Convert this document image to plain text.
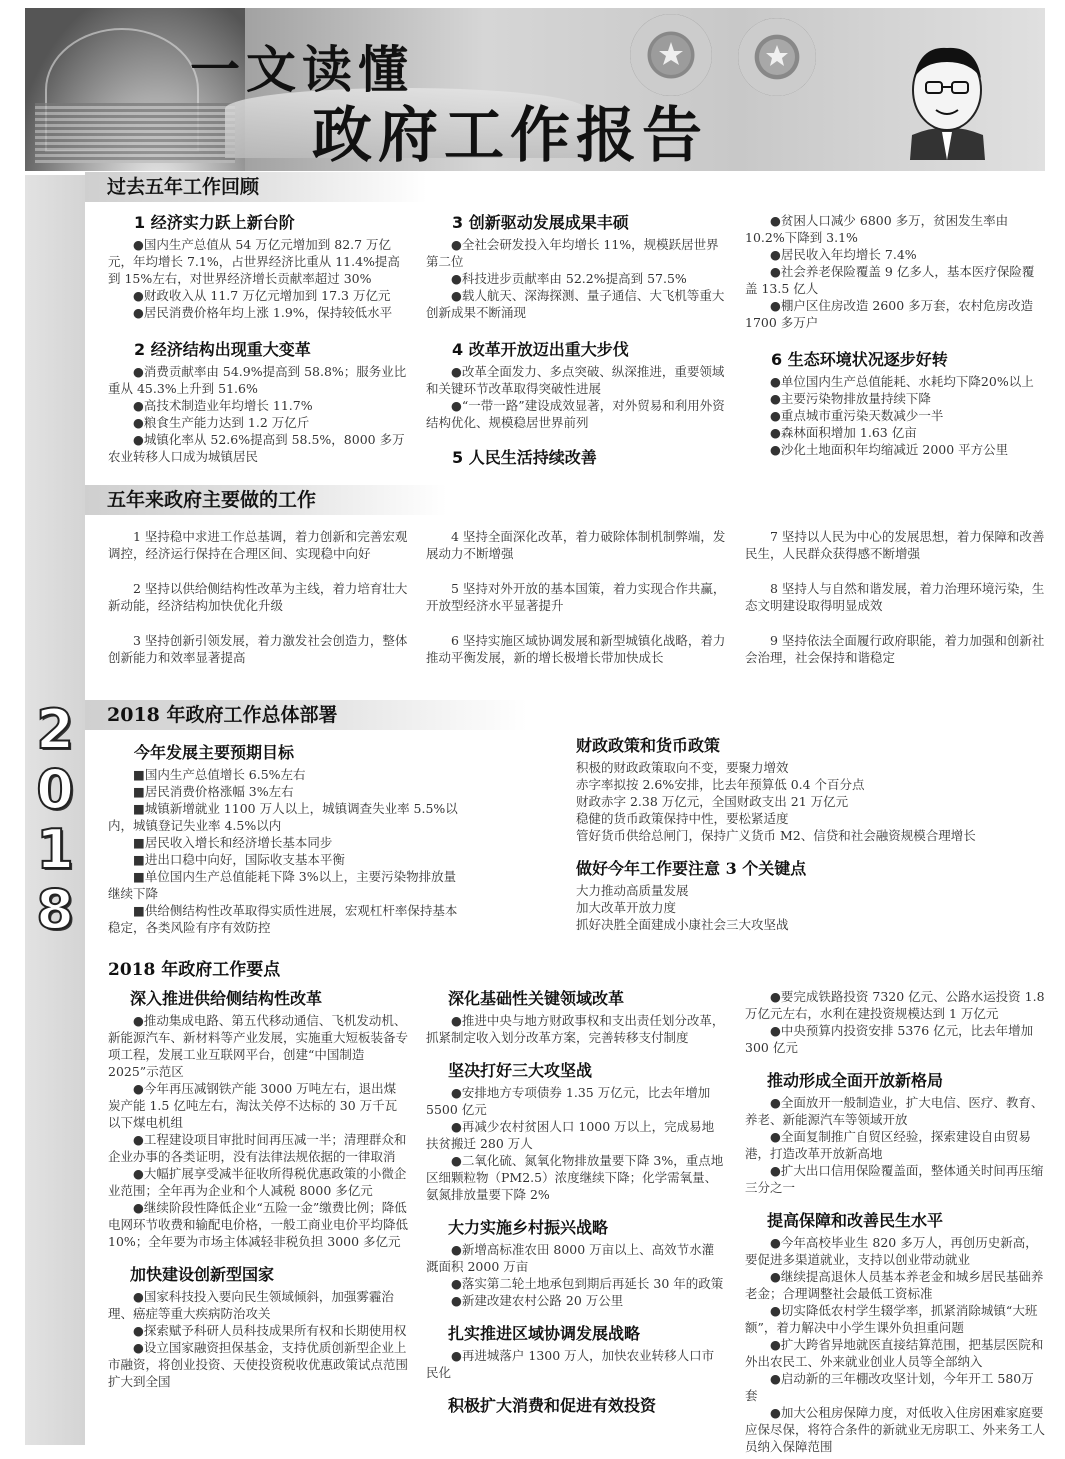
一文读懂
政府工作报告
2
0
1
8
过去五年工作回顾
1 经济实力跃上新台阶

● 国内生产总值从 54 万亿元增加到 82.7 万亿元，年均增长 7.1%，占世界经济比重从 11.4%提高到 15%左右，对世界经济增长贡献率超过 30%

● 财政收入从 11.7 万亿元增加到 17.3 万亿元

● 居民消费价格年均上涨 1.9%，保持较低水平

2 经济结构出现重大变革

● 消费贡献率由 54.9%提高到 58.8%；服务业比重从 45.3%上升到 51.6%

● 高技术制造业年均增长 11.7%

● 粮食生产能力达到 1.2 万亿斤

● 城镇化率从 52.6%提高到 58.5%，8000 多万农业转移人口成为城镇居民

3 创新驱动发展成果丰硕

● 全社会研发投入年均增长 11%，规模跃居世界第二位

● 科技进步贡献率由 52.2%提高到 57.5%

● 载人航天、深海探测、量子通信、大飞机等重大创新成果不断涌现

4 改革开放迈出重大步伐

● 改革全面发力、多点突破、纵深推进，重要领域和关键环节改革取得突破性进展

● “一带一路”建设成效显著，对外贸易和利用外资结构优化、规模稳居世界前列

5 人民生活持续改善

● 贫困人口减少 6800 多万，贫困发生率由 10.2%下降到 3.1%

● 居民收入年均增长 7.4%

● 社会养老保险覆盖 9 亿多人，基本医疗保险覆盖 13.5 亿人

● 棚户区住房改造 2600 多万套，农村危房改造 1700 多万户

6 生态环境状况逐步好转

● 单位国内生产总值能耗、水耗均下降20%以上

● 主要污染物排放量持续下降

● 重点城市重污染天数减少一半

● 森林面积增加 1.63 亿亩

● 沙化土地面积年均缩减近 2000 平方公里

五年来政府主要做的工作

1 坚持稳中求进工作总基调，着力创新和完善宏观调控，经济运行保持在合理区间、实现稳中向好

2 坚持以供给侧结构性改革为主线，着力培育壮大新动能，经济结构加快优化升级

3 坚持创新引领发展，着力激发社会创造力，整体创新能力和效率显著提高

4 坚持全面深化改革，着力破除体制机制弊端，发展动力不断增强

5 坚持对外开放的基本国策，着力实现合作共赢，开放型经济水平显著提升

6 坚持实施区域协调发展和新型城镇化战略，着力推动平衡发展，新的增长极增长带加快成长

7 坚持以人民为中心的发展思想，着力保障和改善民生，人民群众获得感不断增强

8 坚持人与自然和谐发展，着力治理环境污染，生态文明建设取得明显成效

9 坚持依法全面履行政府职能，着力加强和创新社会治理，社会保持和谐稳定

2018 年政府工作总体部署
今年发展主要预期目标

■ 国内生产总值增长 6.5%左右

■ 居民消费价格涨幅 3%左右

■ 城镇新增就业 1100 万人以上，城镇调查失业率 5.5%以内，城镇登记失业率 4.5%以内

■ 居民收入增长和经济增长基本同步

■ 进出口稳中向好，国际收支基本平衡

■ 单位国内生产总值能耗下降 3%以上，主要污染物排放量继续下降

■ 供给侧结构性改革取得实质性进展，宏观杠杆率保持基本稳定，各类风险有序有效防控

财政政策和货币政策
积极的财政政策取向不变，要聚力增效
赤字率拟按 2.6%安排，比去年预算低 0.4 个百分点
财政赤字 2.38 万亿元，全国财政支出 21 万亿元
稳健的货币政策保持中性，要松紧适度
管好货币供给总闸门，保持广义货币 M2、信贷和社会融资规模合理增长
做好今年工作要注意 3 个关键点
大力推动高质量发展
加大改革开放力度
抓好决胜全面建成小康社会三大攻坚战
2018 年政府工作要点
深入推进供给侧结构性改革

● 推动集成电路、第五代移动通信、飞机发动机、新能源汽车、新材料等产业发展，实施重大短板装备专项工程，发展工业互联网平台，创建“中国制造 2025”示范区

● 今年再压减钢铁产能 3000 万吨左右，退出煤炭产能 1.5 亿吨左右，淘汰关停不达标的 30 万千瓦以下煤电机组

● 工程建设项目审批时间再压减一半；清理群众和企业办事的各类证明，没有法律法规依据的一律取消

● 大幅扩展享受减半征收所得税优惠政策的小微企业范围；全年再为企业和个人减税 8000 多亿元

● 继续阶段性降低企业“五险一金”缴费比例；降低电网环节收费和输配电价格，一般工商业电价平均降低 10%；全年要为市场主体减轻非税负担 3000 多亿元

加快建设创新型国家

● 国家科技投入要向民生领域倾斜，加强雾霾治理、癌症等重大疾病防治攻关

● 探索赋予科研人员科技成果所有权和长期使用权

● 设立国家融资担保基金，支持优质创新型企业上市融资，将创业投资、天使投资税收优惠政策试点范围扩大到全国

深化基础性关键领域改革

● 推进中央与地方财政事权和支出责任划分改革，抓紧制定收入划分改革方案，完善转移支付制度

坚决打好三大攻坚战

● 安排地方专项债券 1.35 万亿元，比去年增加 5500 亿元

● 再减少农村贫困人口 1000 万以上，完成易地扶贫搬迁 280 万人

● 二氧化硫、氮氧化物排放量要下降 3%，重点地区细颗粒物（PM2.5）浓度继续下降；化学需氧量、氨氮排放量要下降 2%

大力实施乡村振兴战略

● 新增高标准农田 8000 万亩以上、高效节水灌溉面积 2000 万亩

● 落实第二轮土地承包到期后再延长 30 年的政策

● 新建改建农村公路 20 万公里

扎实推进区域协调发展战略

● 再进城落户 1300 万人，加快农业转移人口市民化

积极扩大消费和促进有效投资

● 要完成铁路投资 7320 亿元、公路水运投资 1.8 万亿元左右，水利在建投资规模达到 1 万亿元

● 中央预算内投资安排 5376 亿元，比去年增加 300 亿元

推动形成全面开放新格局

● 全面放开一般制造业，扩大电信、医疗、教育、养老、新能源汽车等领域开放

● 全面复制推广自贸区经验，探索建设自由贸易港，打造改革开放新高地

● 扩大出口信用保险覆盖面，整体通关时间再压缩三分之一

提高保障和改善民生水平

● 今年高校毕业生 820 多万人，再创历史新高，要促进多渠道就业，支持以创业带动就业

● 继续提高退休人员基本养老金和城乡居民基础养老金；合理调整社会最低工资标准

● 切实降低农村学生辍学率，抓紧消除城镇“大班额”，着力解决中小学生课外负担重问题

● 扩大跨省异地就医直接结算范围，把基层医院和外出农民工、外来就业创业人员等全部纳入

● 启动新的三年棚改攻坚计划，今年开工 580万套

● 加大公租房保障力度，对低收入住房困难家庭要应保尽保，将符合条件的新就业无房职工、外来务工人员纳入保障范围
